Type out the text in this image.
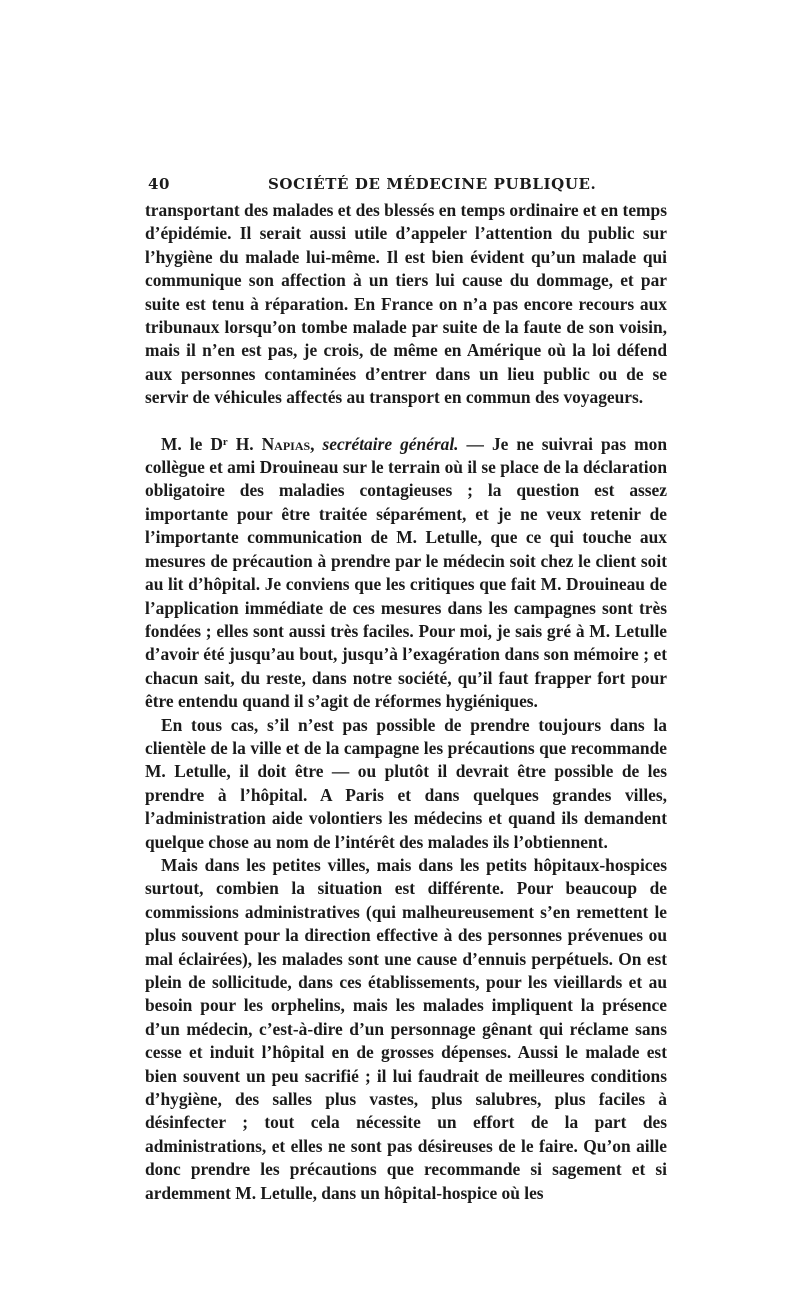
40	SOCIÉTÉ DE MÉDECINE PUBLIQUE.

transportant des malades et des blessés en temps ordinaire et en temps d’épidémie. Il serait aussi utile d’appeler l’attention du public sur l’hygiène du malade lui-même. Il est bien évident qu’un malade qui communique son affection à un tiers lui cause du dommage, et par suite est tenu à réparation. En France on n’a pas encore recours aux tribunaux lorsqu’on tombe malade par suite de la faute de son voisin, mais il n’en est pas, je crois, de même en Amérique où la loi défend aux personnes contaminées d’entrer dans un lieu public ou de se servir de véhicules affectés au transport en commun des voyageurs.

M. le $D^r$ H. Napias, secrétaire général. — Je ne suivrai pas mon collègue et ami Drouineau sur le terrain où il se place de la déclaration obligatoire des maladies contagieuses ; la question est assez importante pour être traitée séparément, et je ne veux retenir de l’importante communication de M. Letulle, que ce qui touche aux mesures de précaution à prendre par le médecin soit chez le client soit au lit d’hôpital. Je conviens que les critiques que fait M. Drouineau de l’application immédiate de ces mesures dans les campagnes sont très fondées ; elles sont aussi très faciles. Pour moi, je sais gré à M. Letulle d’avoir été jusqu’au bout, jusqu’à l’exagération dans son mémoire ; et chacun sait, du reste, dans notre société, qu’il faut frapper fort pour être entendu quand il s’agit de réformes hygiéniques.

En tous cas, s’il n’est pas possible de prendre toujours dans la clientèle de la ville et de la campagne les précautions que recommande M. Letulle, il doit être — ou plutôt il devrait être possible de les prendre à l’hôpital. A Paris et dans quelques grandes villes, l’administration aide volontiers les médecins et quand ils demandent quelque chose au nom de l’intérêt des malades ils l’obtiennent.

Mais dans les petites villes, mais dans les petits hôpitaux-hospices surtout, combien la situation est différente. Pour beaucoup de commissions administratives (qui malheureusement s’en remettent le plus souvent pour la direction effective à des personnes prévenues ou mal éclairées), les malades sont une cause d’ennuis perpétuels. On est plein de sollicitude, dans ces établissements, pour les vieillards et au besoin pour les orphelins, mais les malades impliquent la présence d’un médecin, c’est-à-dire d’un personnage gênant qui réclame sans cesse et induit l’hôpital en de grosses dépenses. Aussi le malade est bien souvent un peu sacrifié ; il lui faudrait de meilleures conditions d’hygiène, des salles plus vastes, plus salubres, plus faciles à désinfecter ; tout cela nécessite un effort de la part des administrations, et elles ne sont pas désireuses de le faire. Qu’on aille donc prendre les précautions que recommande si sagement et si ardemment M. Letulle, dans un hôpital-hospice où les
